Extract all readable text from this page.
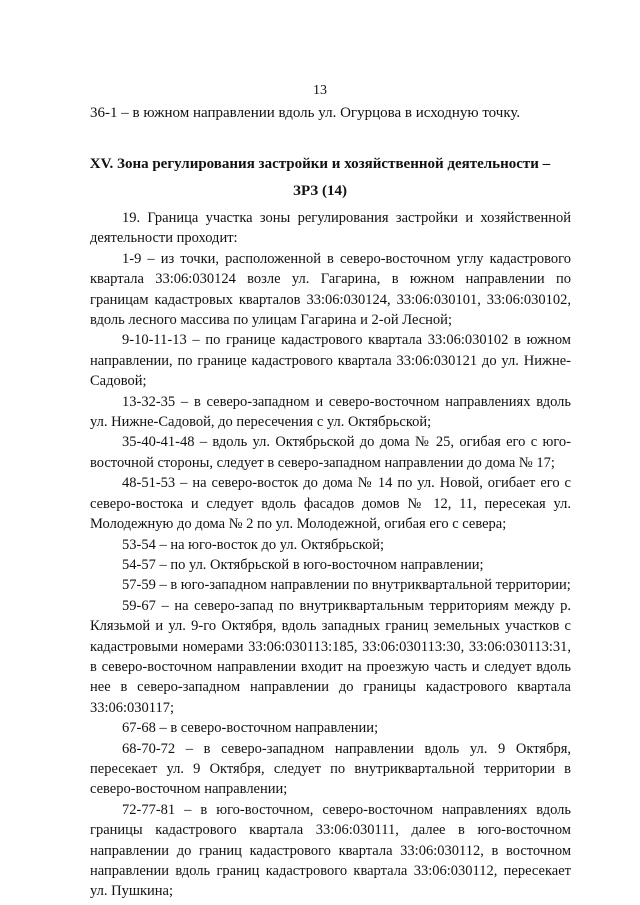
13
36-1 – в южном направлении вдоль ул. Огурцова в исходную точку.
XV. Зона регулирования застройки и хозяйственной деятельности –
ЗРЗ (14)

19. Граница участка зоны регулирования застройки и хозяйственной деятельности проходит:

1-9 – из точки, расположенной в северо-восточном углу кадастрового квартала 33:06:030124 возле ул. Гагарина, в южном направлении по границам кадастровых кварталов 33:06:030124, 33:06:030101, 33:06:030102, вдоль лесного массива по улицам Гагарина и 2-ой Лесной;

9-10-11-13 – по границе кадастрового квартала 33:06:030102 в южном направлении, по границе кадастрового квартала 33:06:030121 до ул. Нижне-Садовой;

13-32-35 – в северо-западном и северо-восточном направлениях вдоль ул. Нижне-Садовой, до пересечения с ул. Октябрьской;

35-40-41-48 – вдоль ул. Октябрьской до дома № 25, огибая его с юго-восточной стороны, следует в северо-западном направлении до дома № 17;

48-51-53 – на северо-восток до дома № 14 по ул. Новой, огибает его с северо-востока и следует вдоль фасадов домов № 12, 11, пересекая ул. Молодежную до дома № 2 по ул. Молодежной, огибая его с севера;

53-54 – на юго-восток до ул. Октябрьской;

54-57 – по ул. Октябрьской в юго-восточном направлении;

57-59 – в юго-западном направлении по внутриквартальной территории;

59-67 – на северо-запад по внутриквартальным территориям между р. Клязьмой и ул. 9-го Октября, вдоль западных границ земельных участков с кадастровыми номерами 33:06:030113:185, 33:06:030113:30, 33:06:030113:31, в северо-восточном направлении входит на проезжую часть и следует вдоль нее в северо-западном направлении до границы кадастрового квартала 33:06:030117;

67-68 – в северо-восточном направлении;

68-70-72 – в северо-западном направлении вдоль ул. 9 Октября, пересекает ул. 9 Октября, следует по внутриквартальной территории в северо-восточном направлении;

72-77-81 – в юго-восточном, северо-восточном направлениях вдоль границы кадастрового квартала 33:06:030111, далее в юго-восточном направлении до границ кадастрового квартала 33:06:030112, в восточном направлении вдоль границ кадастрового квартала 33:06:030112, пересекает ул. Пушкина;
